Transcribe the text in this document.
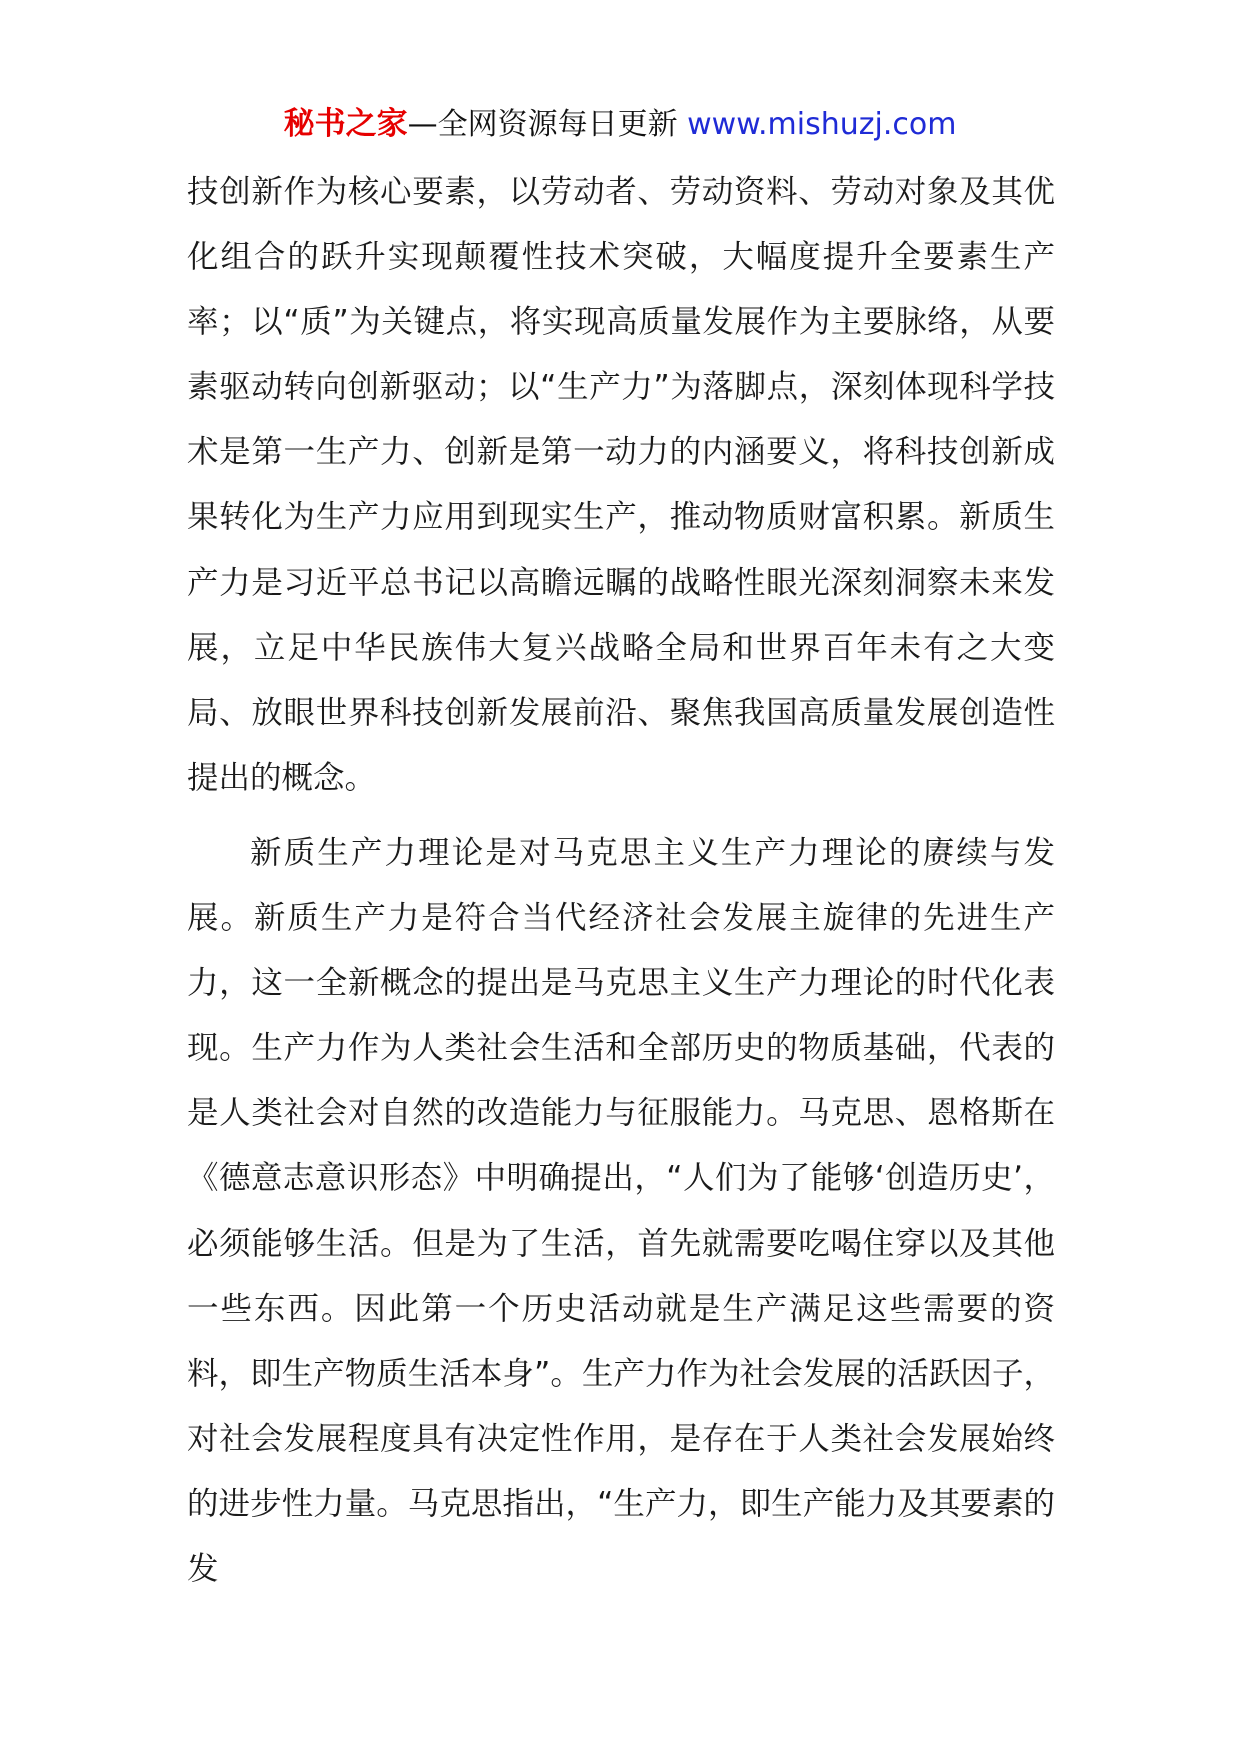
秘书之家—全网资源每日更新 www.mishuzj.com

技创新作为核心要素，以劳动者、劳动资料、劳动对象及其优化组合的跃升实现颠覆性技术突破，大幅度提升全要素生产率；以“质”为关键点，将实现高质量发展作为主要脉络，从要素驱动转向创新驱动；以“生产力”为落脚点，深刻体现科学技术是第一生产力、创新是第一动力的内涵要义，将科技创新成果转化为生产力应用到现实生产，推动物质财富积累。新质生产力是习近平总书记以高瞻远瞩的战略性眼光深刻洞察未来发展，立足中华民族伟大复兴战略全局和世界百年未有之大变局、放眼世界科技创新发展前沿、聚焦我国高质量发展创造性提出的概念。

新质生产力理论是对马克思主义生产力理论的赓续与发展。新质生产力是符合当代经济社会发展主旋律的先进生产力，这一全新概念的提出是马克思主义生产力理论的时代化表现。生产力作为人类社会生活和全部历史的物质基础，代表的是人类社会对自然的改造能力与征服能力。马克思、恩格斯在《德意志意识形态》中明确提出，“人们为了能够‘创造历史’，必须能够生活。但是为了生活，首先就需要吃喝住穿以及其他一些东西。因此第一个历史活动就是生产满足这些需要的资料，即生产物质生活本身”。生产力作为社会发展的活跃因子，对社会发展程度具有决定性作用，是存在于人类社会发展始终的进步性力量。马克思指出，“生产力，即生产能力及其要素的发
